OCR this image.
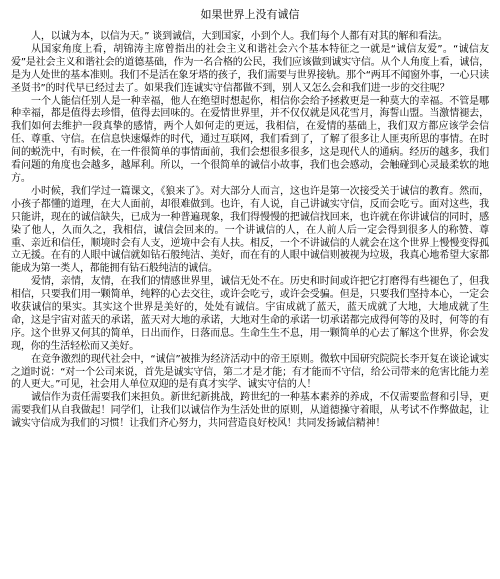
如果世界上没有诚信

人，以诚为本，以信为天。” 谈到诚信，大到国家，小到个人。我们每个人都有对其的解和看法。

从国家角度上看，胡锦涛主席曾指出的社会主义和谐社会六个基本特征之一就是“诚信友爱”。“诚信友爱”是社会主义和谐社会的道德基础，作为一名合格的公民，我们应该做到诚实守信。从个人角度上看，诚信，是为人处世的基本准则。我们不是活在象牙塔的孩子，我们需要与世界接轨。那个“两耳不闻窗外事，一心只读圣贤书”的时代早已经过去了。如果我们连诚实守信都做不到，别人又怎么会和我们进一步的交往呢？

一个人能信任别人是一种幸福，他人在绝望时想起你，相信你会给予拯救更是一种莫大的幸福。不管是哪种幸福，都是值得去珍惜，值得去回味的。在爱情世界里，并不仅仅就是风花雪月，海誓山盟。当激情褪去，我们如何去维护一段真挚的感情，两个人如何走的更远，我相信，在爱情的基础上，我们双方都应该学会信任、尊重、守信。在信息快速爆炸的时代，通过互联网，我们看到了，了解了很多让人匪夷所思的事情。在时间的蜕洗中，有时候，在一件很简单的事情面前，我们会想很多很多，这是现代人的通病。经历的越多，我们看问题的角度也会越多，越犀利。所以，一个很简单的诚信小故事，我们也会感动，会触碰到心灵最柔软的地方。

小时候，我们学过一篇课文，《狼来了》。对大部分人而言，这也许是第一次接受关于诚信的教育。然而，小孩子都懂的道理，在大人面前，却很难做到。也许，有人说，自己讲诚实守信，反而会吃亏。面对这些，我只能讲，现在的诚信缺失，已成为一种普遍现象，我们得慢慢的把诚信找回来，也许就在你讲诚信的同时，感染了他人，久而久之，我相信，诚信会回来的。一个讲诚信的人，在人前人后一定会得到很多人的称赞、尊重、亲近和信任，顺境时会有人支，逆境中会有人扶。相反，一个不讲诚信的人就会在这个世界上慢慢变得孤立无援。在有的人眼中诚信就如钻石般纯洁、美好，而在有的人眼中诚信则被视为垃圾，我真心地希望大家都能成为第一类人，都能拥有钻石般纯洁的诚信。

爱情，亲情，友情，在我们的情感世界里，诚信无处不在。历史和时间或许把它打磨得有些褪色了，但我相信，只要我们用一颗简单，纯粹的心去交往，或许会吃亏，或许会受骗。但是，只要我们坚持本心，一定会收获诚信的果实。其实这个世界是美好的，处处有诚信。宇宙成就了蓝天，蓝天成就了大地，大地成就了生命，这是宇宙对蓝天的承诺，蓝天对大地的承诺，大地对生命的承诺一切承诺都完成得何等的及时，何等的有序。这个世界又何其的简单，日出而作，日落而息。生命生生不息，用一颗简单的心去了解这个世界，你会发现，你的生活轻松而又美好。

在竞争激烈的现代社会中，“诚信”被推为经济活动中的帝王原则。微软中国研究院院长李开复在谈论诚实之道时说：“对一个公司来说，首先是诚实守信，第二才是才能；有才能而不守信，给公司带来的危害比能力差的人更大。”可见，社会用人单位双迎的是有真才实学、诚实守信的人！

诚信作为责任需要我们来担负。新世纪新挑战，跨世纪的一种基本素养的养成，不仅需要监督和引导，更需要我们从自我做起！同学们，让我们以诚信作为生活处世的原则，从道德操守着眼，从考试不作弊做起，让诚实守信成为我们的习惯！让我们齐心努力，共同营造良好校风！共同发扬诚信精神！
